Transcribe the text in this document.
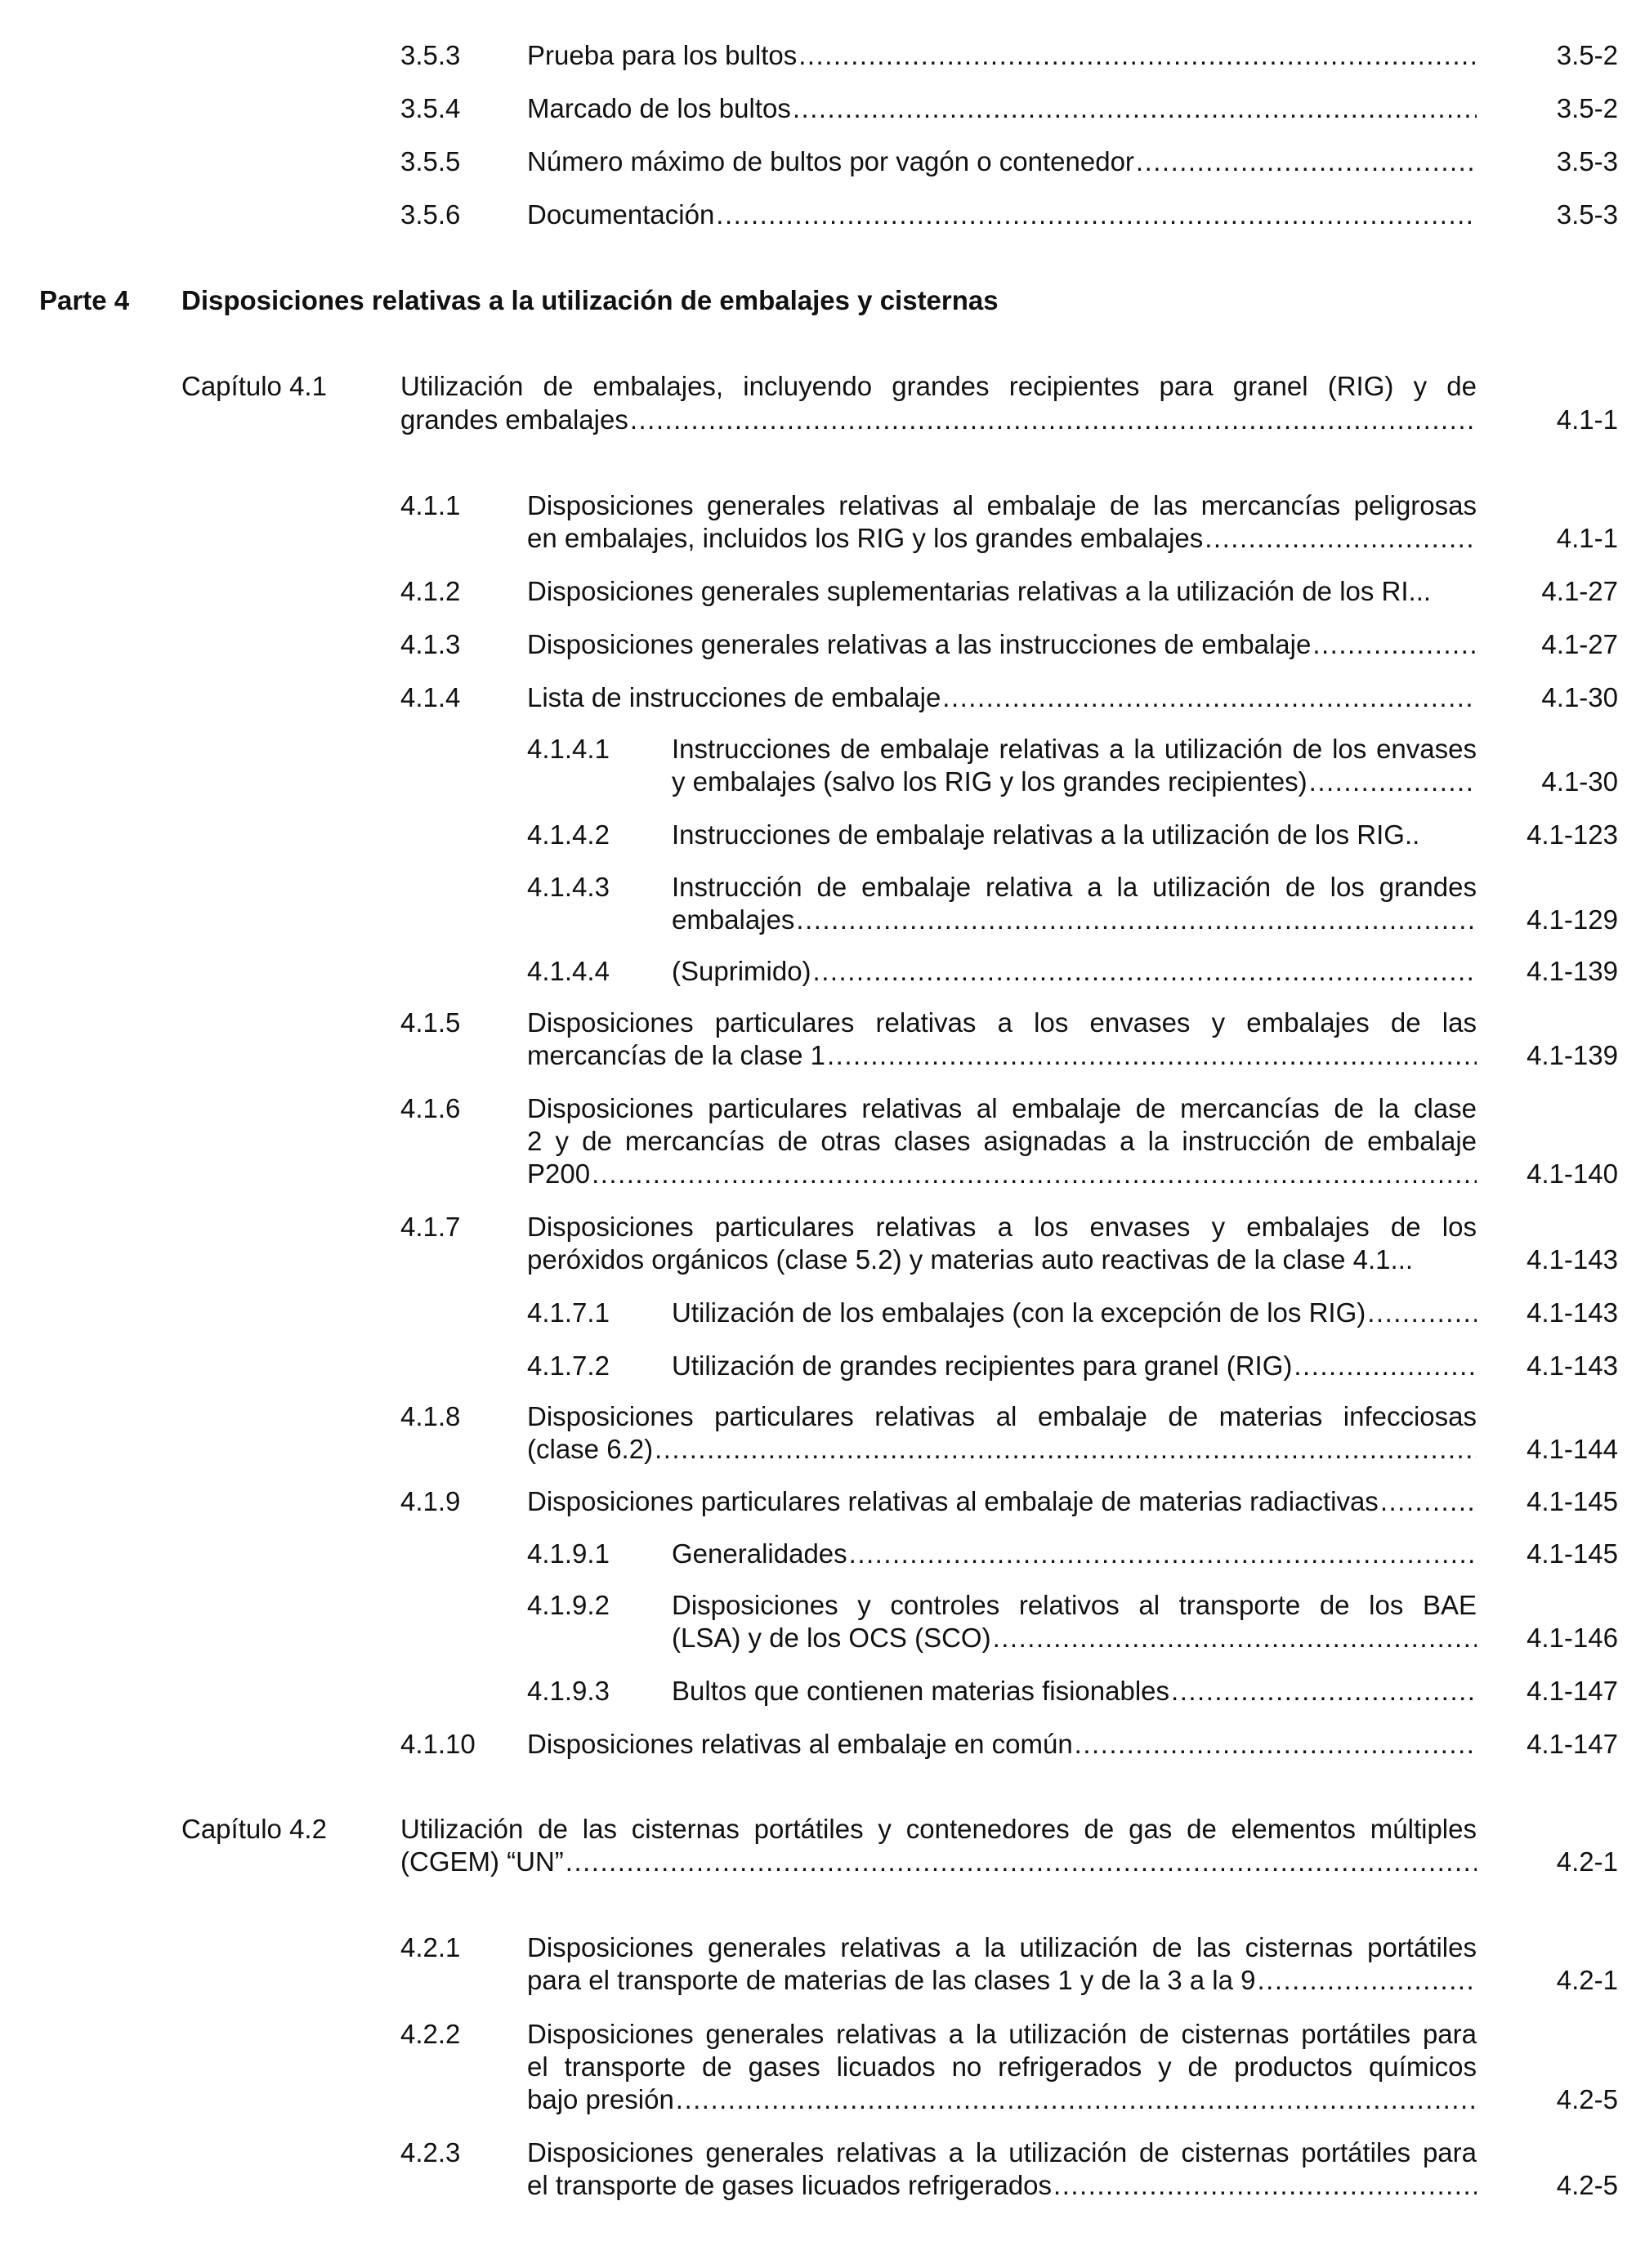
3.5.3	Prueba para los bultos .....	3.5-2
3.5.4	Marcado de los bultos .....	3.5-2
3.5.5	Número máximo de bultos por vagón o contenedor .....	3.5-3
3.5.6	Documentación .....	3.5-3
Parte 4	Disposiciones relativas a la utilización de embalajes y cisternas
Capítulo 4.1	Utilización de embalajes, incluyendo grandes recipientes para granel (RIG) y de
grandes embalajes .....	4.1-1
4.1.1	Disposiciones generales relativas al embalaje de las mercancías peligrosas
en embalajes, incluidos los RIG y los grandes embalajes .....	4.1-1
4.1.2	Disposiciones generales suplementarias relativas a la utilización de los RI...	4.1-27
4.1.3	Disposiciones generales relativas a las instrucciones de embalaje .....	4.1-27
4.1.4	Lista de instrucciones de embalaje .....	4.1-30
4.1.4.1	Instrucciones de embalaje relativas a la utilización de los envases
y embalajes (salvo los RIG y los grandes recipientes) .....	4.1-30
4.1.4.2	Instrucciones de embalaje relativas a la utilización de los RIG..	4.1-123
4.1.4.3	Instrucción de embalaje relativa a la utilización de los grandes
embalajes .....	4.1-129
4.1.4.4	(Suprimido) .....	4.1-139
4.1.5	Disposiciones particulares relativas a los envases y embalajes de las
mercancías de la clase 1 .....	4.1-139
4.1.6	Disposiciones particulares relativas al embalaje de mercancías de la clase
2 y de mercancías de otras clases asignadas a la instrucción de embalaje
P200 .....	4.1-140
4.1.7	Disposiciones particulares relativas a los envases y embalajes de los
peróxidos orgánicos (clase 5.2) y materias auto reactivas de la clase 4.1...	4.1-143
4.1.7.1	Utilización de los embalajes (con la excepción de los RIG) .....	4.1-143
4.1.7.2	Utilización de grandes recipientes para granel (RIG) .....	4.1-143
4.1.8	Disposiciones particulares relativas al embalaje de materias infecciosas
(clase 6.2) .....	4.1-144
4.1.9	Disposiciones particulares relativas al embalaje de materias radiactivas .....	4.1-145
4.1.9.1	Generalidades .....	4.1-145
4.1.9.2	Disposiciones y controles relativos al transporte de los BAE
(LSA) y de los OCS (SCO) .....	4.1-146
4.1.9.3	Bultos que contienen materias fisionables .....	4.1-147
4.1.10	Disposiciones relativas al embalaje en común .....	4.1-147
Capítulo 4.2	Utilización de las cisternas portátiles y contenedores de gas de elementos múltiples
(CGEM) “UN” .....	4.2-1
4.2.1	Disposiciones generales relativas a la utilización de las cisternas portátiles
para el transporte de materias de las clases 1 y de la 3 a la 9 .....	4.2-1
4.2.2	Disposiciones generales relativas a la utilización de cisternas portátiles para
el transporte de gases licuados no refrigerados y de productos químicos
bajo presión .....	4.2-5
4.2.3	Disposiciones generales relativas a la utilización de cisternas portátiles para
el transporte de gases licuados refrigerados .....	4.2-5
